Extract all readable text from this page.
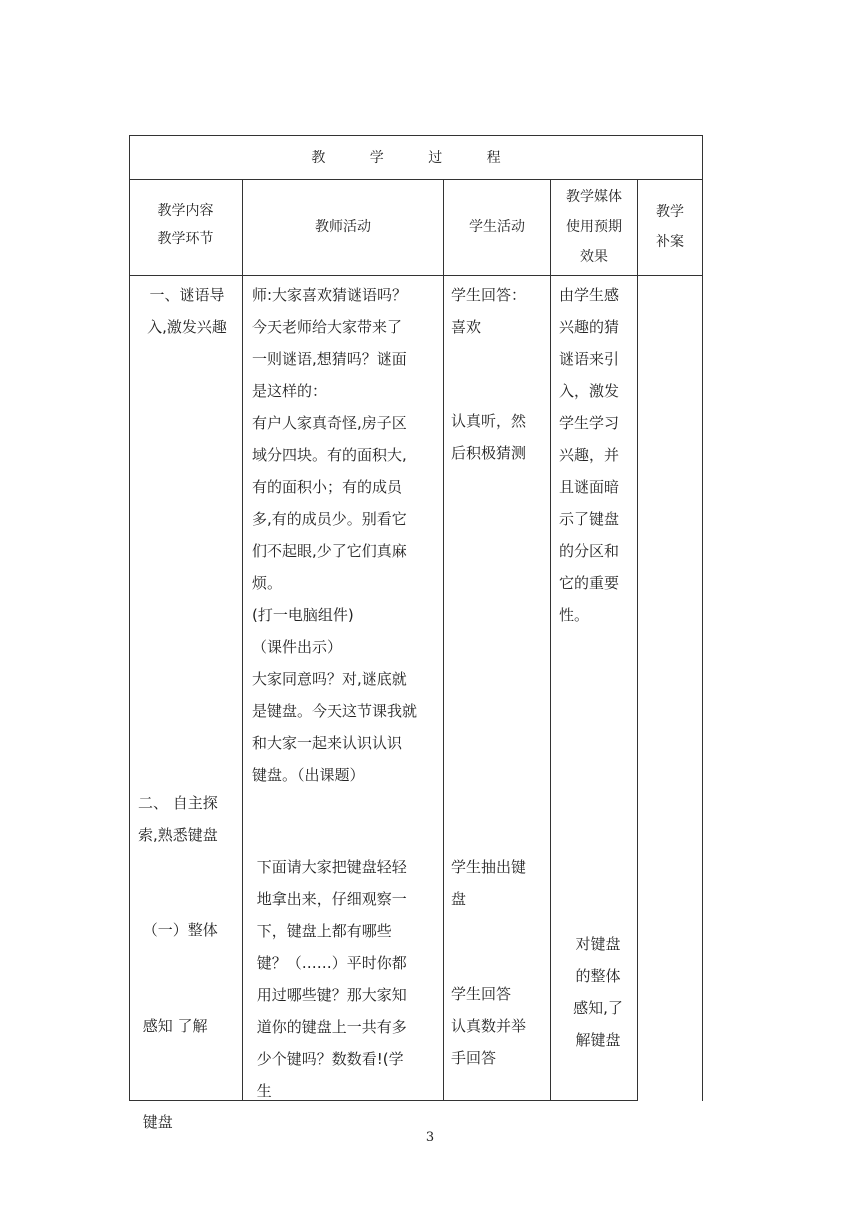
教 学 过 程

教学内容

教学环节

教师活动	学生活动

教学媒体

使用预期

效果

教学

补案

一、谜语导

入,激发兴趣

二、 自主探

索,熟悉键盘

（一）整体

感知 了解

键盘

师:大家喜欢猜谜语吗？

今天老师给大家带来了

一则谜语,想猜吗？谜面

是这样的：

有户人家真奇怪,房子区

域分四块。有的面积大,

有的面积小；有的成员

多,有的成员少。别看它

们不起眼,少了它们真麻

烦。

(打一电脑组件)

（课件出示）

大家同意吗？对,谜底就

是键盘。今天这节课我就

和大家一起来认识认识

键盘。（出课题）

下面请大家把键盘轻轻

地拿出来，仔细观察一

下，键盘上都有哪些

键？（……）平时你都

用过哪些键？那大家知

道你的键盘上一共有多

少个键吗？数数看!(学

生

学生回答：

喜欢

认真听，然

后积极猜测

学生抽出键

盘

学生回答

认真数并举

手回答

由学生感

兴趣的猜

谜语来引

入，激发

学生学习

兴趣，并

且谜面暗

示了键盘

的分区和

它的重要

性。

对键盘

的整体

感知,了

解键盘

3
